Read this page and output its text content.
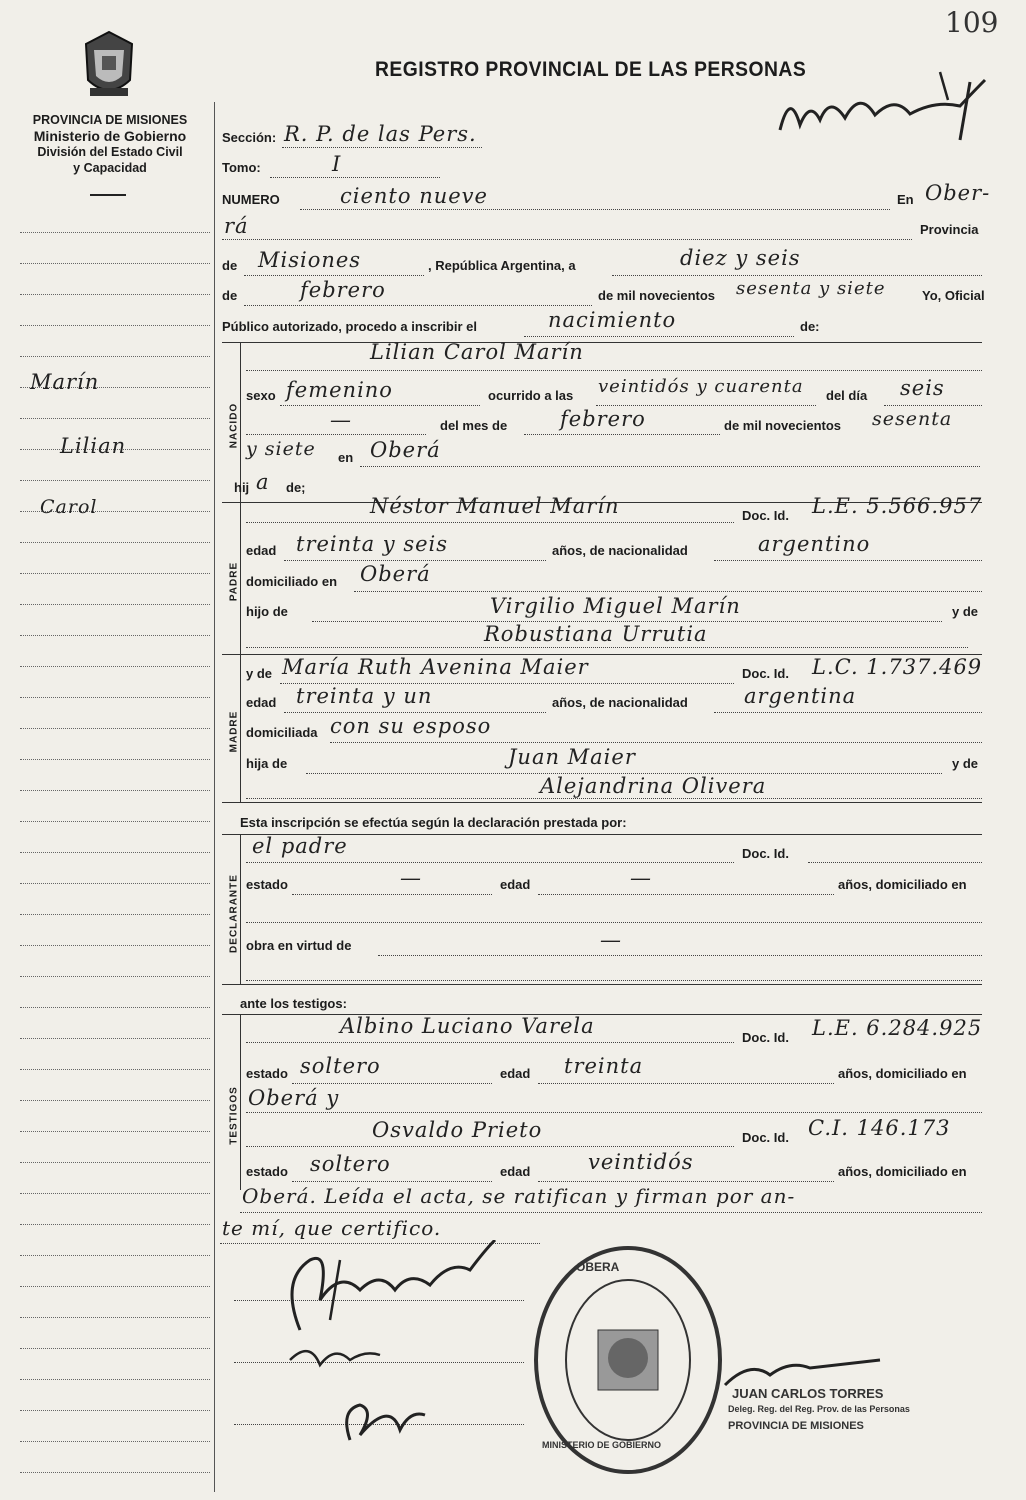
109
REGISTRO PROVINCIAL DE LAS PERSONAS
PROVINCIA DE MISIONES
Ministerio de Gobierno
División del Estado Civil
y Capacidad
Marín
Lilian
Carol
Sección: R. P. de las Pers.
Tomo:	I
NUMERO	ciento nueve	En Ober-
rá	Provincia
de Misiones	, República Argentina, a	diez y seis
de	febrero	de mil novecientos sesenta y siete	Yo, Oficial
Público autorizado, procedo a inscribir el	nacimiento	de:
NACIDO
Lilian Carol Marín
sexo femenino	ocurrido a las veintidós y cuarenta del día seis
—	del mes de	febrero	de mil novecientos sesenta
y siete en Oberá
hij a de;
PADRE
Néstor Manuel Marín	Doc. Id. L.E. 5.566.957
edad treinta y seis	años, de nacionalidad	argentino
domiciliado en Oberá
hijo de	Virgilio Miguel Marín	y de
Robustiana Urrutia
MADRE
y de María Ruth Avenina Maier	Doc. Id. L.C. 1.737.469
edad treinta y un	años, de nacionalidad	argentina
domiciliada con su esposo
hija de	Juan Maier	y de
Alejandrina Olivera
Esta inscripción se efectúa según la declaración prestada por:
DECLARANTE
el padre	Doc. Id.
estado	—	edad	—	años, domiciliado en
obra en virtud de	—
ante los testigos:
TESTIGOS
Albino Luciano Varela	Doc. Id. L.E. 6.284.925
estado soltero	edad treinta	años, domiciliado en
Oberá y
Osvaldo Prieto	Doc. Id. C.I. 146.173
estado soltero	edad	veintidós	años, domiciliado en
Oberá. Leída el acta, se ratifican y firman por an-
te mí, que certifico.
OBERA
MINISTERIO DE GOBIERNO
JUAN CARLOS TORRES
Deleg. Reg. del Reg. Prov. de las Personas
PROVINCIA DE MISIONES
